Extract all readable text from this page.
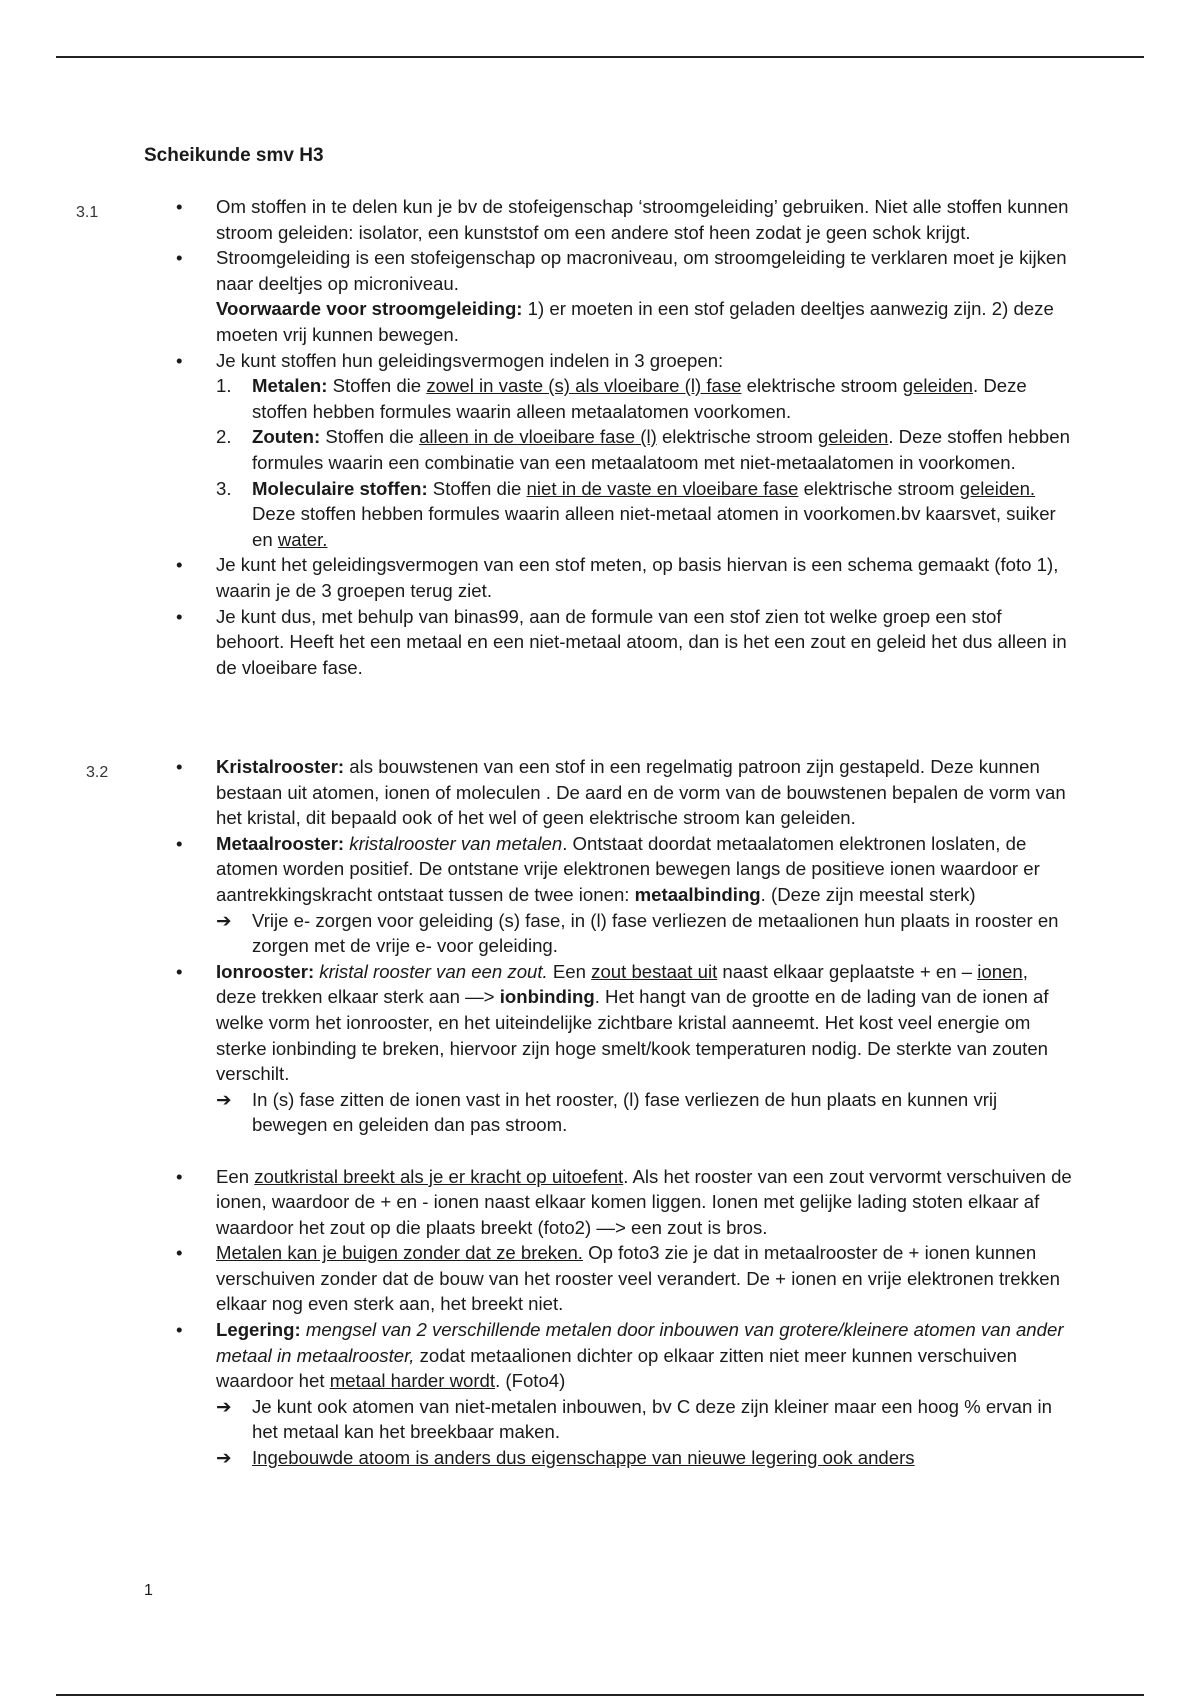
Scheikunde smv H3
3.1	• Om stoffen in te delen kun je bv de stofeigenschap ‘stroomgeleiding’ gebruiken. Niet alle stoffen kunnen stroom geleiden: isolator, een kunststof om een andere stof heen zodat je geen schok krijgt.
• Stroomgeleiding is een stofeigenschap op macroniveau, om stroomgeleiding te verklaren moet je kijken naar deeltjes op microniveau.
Voorwaarde voor stroomgeleiding: 1) er moeten in een stof geladen deeltjes aanwezig zijn. 2) deze moeten vrij kunnen bewegen.
• Je kunt stoffen hun geleidingsvermogen indelen in 3 groepen:
1. Metalen: Stoffen die zowel in vaste (s) als vloeibare (l) fase elektrische stroom geleiden. Deze stoffen hebben formules waarin alleen metaalatomen voorkomen.
2. Zouten: Stoffen die alleen in de vloeibare fase (l) elektrische stroom geleiden. Deze stoffen hebben formules waarin een combinatie van een metaalatoom met niet-metaalatomen in voorkomen.
3. Moleculaire stoffen: Stoffen die niet in de vaste en vloeibare fase elektrische stroom geleiden. Deze stoffen hebben formules waarin alleen niet-metaal atomen in voorkomen.bv kaarsvet, suiker en water.
• Je kunt het geleidingsvermogen van een stof meten, op basis hiervan is een schema gemaakt (foto 1), waarin je de 3 groepen terug ziet.
• Je kunt dus, met behulp van binas99, aan de formule van een stof zien tot welke groep een stof behoort. Heeft het een metaal en een niet-metaal atoom, dan is het een zout en geleid het dus alleen in de vloeibare fase.
3.2	• Kristalrooster: als bouwstenen van een stof in een regelmatig patroon zijn gestapeld. Deze kunnen bestaan uit atomen, ionen of moleculen . De aard en de vorm van de bouwstenen bepalen de vorm van het kristal, dit bepaald ook of het wel of geen elektrische stroom kan geleiden.
• Metaalrooster: kristalrooster van metalen. Ontstaat doordat metaalatomen elektronen loslaten, de atomen worden positief. De ontstane vrije elektronen bewegen langs de positieve ionen waardoor er aantrekkingskracht ontstaat tussen de twee ionen: metaalbinding. (Deze zijn meestal sterk)
➔ Vrije e- zorgen voor geleiding (s) fase, in (l) fase verliezen de metaalionen hun plaats in rooster en zorgen met de vrije e- voor geleiding.
• Ionrooster: kristal rooster van een zout. Een zout bestaat uit naast elkaar geplaatste + en – ionen, deze trekken elkaar sterk aan —> ionbinding. Het hangt van de grootte en de lading van de ionen af welke vorm het ionrooster, en het uiteindelijke zichtbare kristal aanneemt. Het kost veel energie om sterke ionbinding te breken, hiervoor zijn hoge smelt/kook temperaturen nodig. De sterkte van zouten verschilt.
➔ In (s) fase zitten de ionen vast in het rooster, (l) fase verliezen de hun plaats en kunnen vrij bewegen en geleiden dan pas stroom.
• Een zoutkristal breekt als je er kracht op uitoefent. Als het rooster van een zout vervormt verschuiven de ionen, waardoor de + en - ionen naast elkaar komen liggen. Ionen met gelijke lading stoten elkaar af waardoor het zout op die plaats breekt (foto2) —> een zout is bros.
• Metalen kan je buigen zonder dat ze breken. Op foto3 zie je dat in metaalrooster de + ionen kunnen verschuiven zonder dat de bouw van het rooster veel verandert. De + ionen en vrije elektronen trekken elkaar nog even sterk aan, het breekt niet.
• Legering: mengsel van 2 verschillende metalen door inbouwen van grotere/kleinere atomen van ander metaal in metaalrooster, zodat metaalionen dichter op elkaar zitten niet meer kunnen verschuiven waardoor het metaal harder wordt. (Foto4)
➔ Je kunt ook atomen van niet-metalen inbouwen, bv C deze zijn kleiner maar een hoog % ervan in het metaal kan het breekbaar maken.
➔ Ingebouwde atoom is anders dus eigenschappe van nieuwe legering ook anders
1
